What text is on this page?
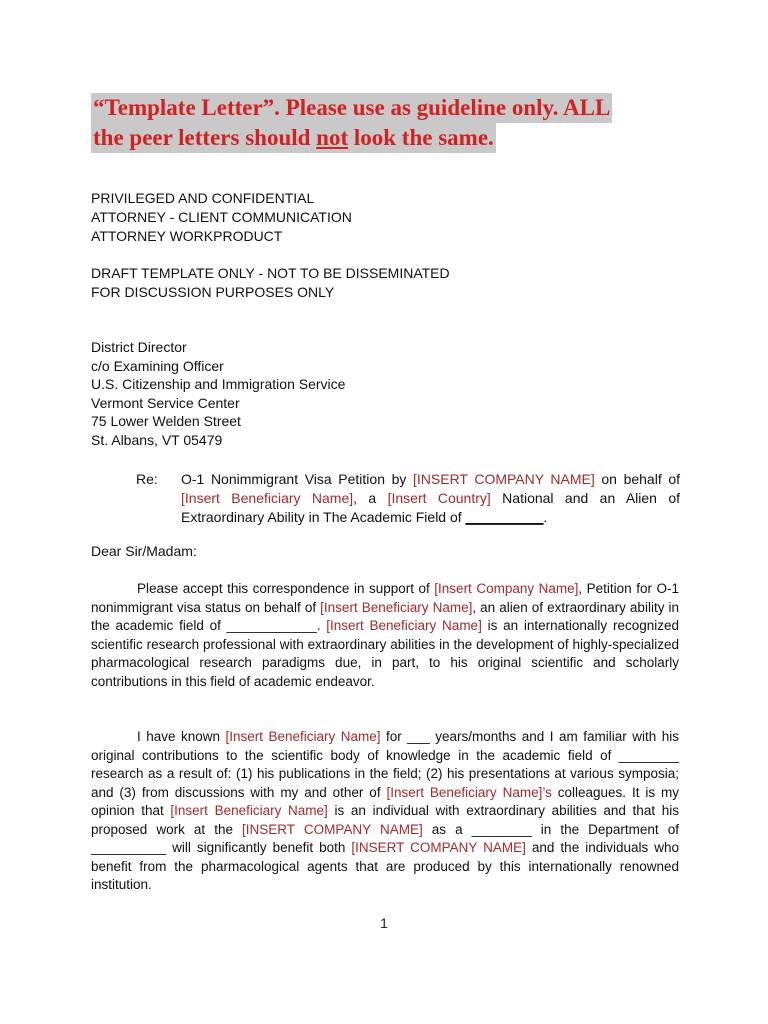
“Template Letter”. Please use as guideline only. ALL
the peer letters should not look the same.
PRIVILEGED AND CONFIDENTIAL
ATTORNEY - CLIENT COMMUNICATION
ATTORNEY WORKPRODUCT
DRAFT TEMPLATE ONLY - NOT TO BE DISSEMINATED
FOR DISCUSSION PURPOSES ONLY
District Director
c/o Examining Officer
U.S. Citizenship and Immigration Service
Vermont Service Center
75 Lower Welden Street
St. Albans, VT 05479
Re: O-1 Nonimmigrant Visa Petition by [INSERT COMPANY NAME] on behalf of [Insert Beneficiary Name], a [Insert Country] National and an Alien of Extraordinary Ability in The Academic Field of __________.
Dear Sir/Madam:

Please accept this correspondence in support of [Insert Company Name], Petition for O-1 nonimmigrant visa status on behalf of [Insert Beneficiary Name], an alien of extraordinary ability in the academic field of ____________. [Insert Beneficiary Name] is an internationally recognized scientific research professional with extraordinary abilities in the development of highly-specialized pharmacological research paradigms due, in part, to his original scientific and scholarly contributions in this field of academic endeavor.

I have known [Insert Beneficiary Name] for ___ years/months and I am familiar with his original contributions to the scientific body of knowledge in the academic field of ________ research as a result of: (1) his publications in the field; (2) his presentations at various symposia; and (3) from discussions with my and other of [Insert Beneficiary Name]’s colleagues. It is my opinion that [Insert Beneficiary Name] is an individual with extraordinary abilities and that his proposed work at the [INSERT COMPANY NAME] as a ________ in the Department of __________ will significantly benefit both [INSERT COMPANY NAME] and the individuals who benefit from the pharmacological agents that are produced by this internationally renowned institution.

1
